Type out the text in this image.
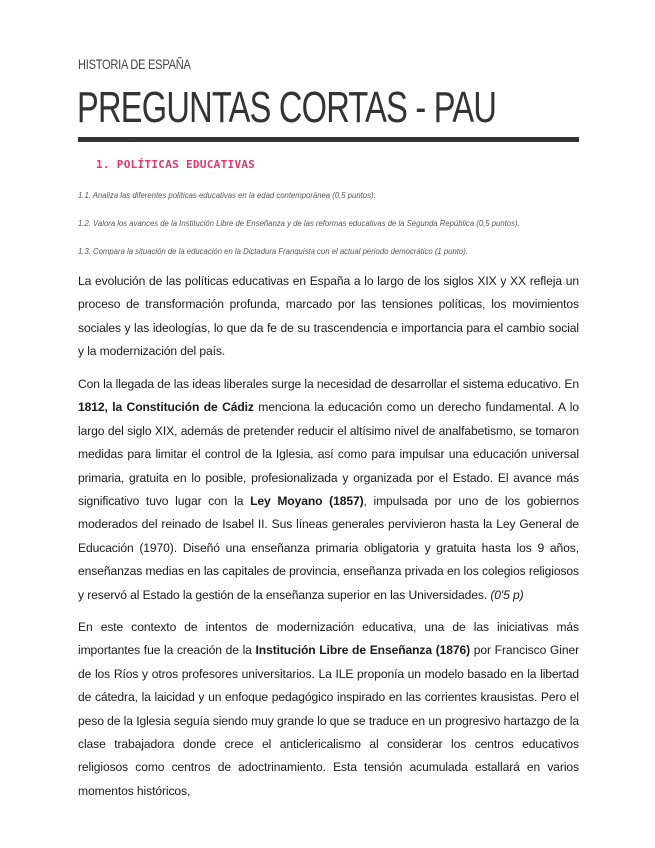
HISTORIA DE ESPAÑA
PREGUNTAS CORTAS - PAU
1. POLÍTICAS EDUCATIVAS
1.1. Analiza las diferentes políticas educativas en la edad contemporánea (0,5 puntos).
1.2. Valora los avances de la Institución Libre de Enseñanza y de las reformas educativas de la Segunda República (0,5 puntos).
1.3. Compara la situación de la educación en la Dictadura Franquista con el actual periodo democrático (1 punto).

La evolución de las políticas educativas en España a lo largo de los siglos XIX y XX refleja un proceso de transformación profunda, marcado por las tensiones políticas, los movimientos sociales y las ideologías, lo que da fe de su trascendencia e importancia para el cambio social y la modernización del país.

Con la llegada de las ideas liberales surge la necesidad de desarrollar el sistema educativo. En 1812, la Constitución de Cádiz menciona la educación como un derecho fundamental. A lo largo del siglo XIX, además de pretender reducir el altísimo nivel de analfabetismo, se tomaron medidas para limitar el control de la Iglesia, así como para impulsar una educación universal primaria, gratuita en lo posible, profesionalizada y organizada por el Estado. El avance más significativo tuvo lugar con la Ley Moyano (1857), impulsada por uno de los gobiernos moderados del reinado de Isabel II. Sus líneas generales pervivieron hasta la Ley General de Educación (1970). Diseñó una enseñanza primaria obligatoria y gratuita hasta los 9 años, enseñanzas medias en las capitales de provincia, enseñanza privada en los colegios religiosos y reservó al Estado la gestión de la enseñanza superior en las Universidades. (0'5 p)

En este contexto de intentos de modernización educativa, una de las iniciativas más importantes fue la creación de la Institución Libre de Enseñanza (1876) por Francisco Giner de los Ríos y otros profesores universitarios. La ILE proponía un modelo basado en la libertad de cátedra, la laicidad y un enfoque pedagógico inspirado en las corrientes krausistas. Pero el peso de la Iglesia seguía siendo muy grande lo que se traduce en un progresivo hartazgo de la clase trabajadora donde crece el anticlericalismo al considerar los centros educativos religiosos como centros de adoctrinamiento. Esta tensión acumulada estallará en varios momentos históricos,
